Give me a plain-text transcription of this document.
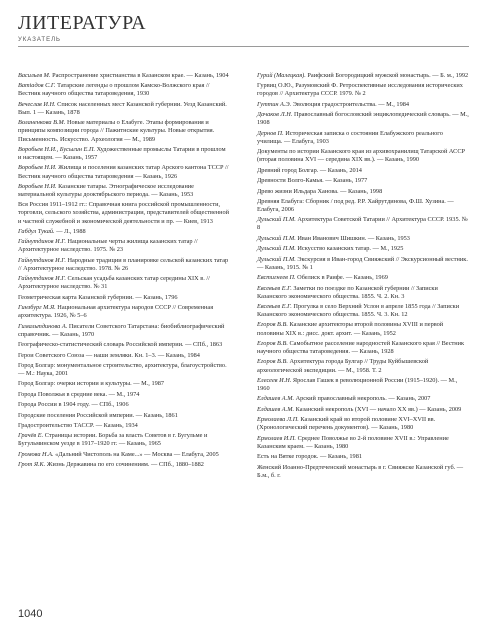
ЛИТЕРАТУРА
УКАЗАТЕЛЬ

Васильев М. Распространение христианства в Казанском крае. — Казань, 1904

Ватіадов С.Г. Татарские легенды о прошлом Камско-Волжского края // Вестник научного общества татароведения, 1930

Вечеслав И.Н. Список населенных мест Казанской губернии. Уезд Казанский. Вып. 1 — Казань, 1878

Воланенкова В.М. Новые материалы о Елабуге. Этапы формирования и принципы композиции города // Пажитнские культуры. Новые открытия. Письменность. Искусство. Археология — М., 1989

Воробьев Н.И., Бусыгин Е.П. Художественные промыслы Татарии в прошлом и настоящем. — Казань, 1957

Воробьев Н.И. Жилища и поселения казанских татар Арского кантона ТССР // Вестник научного общества татароведения — Казань, 1926

Воробьев Н.И. Казанские татары. Этнографическое исследование материальной культуры дооктябрьского периода. — Казань, 1953

Вся Россия 1911–1912 гг.: Справочная книга российской промышленности, торговли, сельского хозяйства, администрации, представителей общественной и частной служебной и экономической деятельности и пр. — Киев, 1913

Габдул Тукай. — Л., 1988

Гайнутдинов И.Г. Национальные черты жилища казанских татар // Архитектурное наследство. 1975. № 23

Гайнутдинов И.Г. Народные традиции в планировке сельской казанских татар // Архитектурное наследство. 1978. № 26

Гайнутдинов И.Г. Сельская усадьба казанских татар середины XIX в. // Архитектурное наследство. № 31

Геометрическая карта Казанской губернии. — Казань, 1796

Гинзбург М.Я. Национальная архитектура народов СССР // Современная архитектура. 1926, № 5–6

Гимальтдинова А. Писатели Советского Татарстана: биобиблиографический справочник. — Казань, 1970

Географическо-статистический словарь Российской империи. — СПб., 1863

Герои Советского Союза — наши земляки. Кн. 1–3. — Казань, 1984

Город Болгар: монументальное строительство, архитектура, благоустройство. — М.: Наука, 2001

Город Болгар: очерки истории и культуры. — М., 1987

Города Поволжья в средние века. — М., 1974

Города России в 1904 году. — СПб., 1906

Городские поселения Российской империи. — Казань, 1861

Градостроительство ТАССР. — Казань, 1934

Грачёв Е. Страницы истории. Борьба за власть Советов в г. Бугульме и Бугульминском уезде в 1917–1920 гг. — Казань, 1965

Громова Н.А. «Дальний Чистополь на Каме...» — Москва — Елабуга, 2005

Грот Я.К. Жизнь Державина по его сочинениям. — СПб., 1880–1882

Гурий (Малецкая). Раифский Богородицкий мужской монастырь. — Б. м., 1992

Гурвиц О.Ю., Разумовский Ф. Ретроспективные исследования исторических городов // Архитектура СССР. 1979. № 2

Гуттин А.Э. Эволюция градостроительства. — М., 1984

Дачаков Л.Н. Православный богословский энциклопедический словарь. — М., 1908

Дернов П. Историческая записка о состоянии Елабужского реального училища. — Елабуга, 1903

Документы по истории Казанского края из архивохранилищ Татарской АССР (вторая половина XVI — середина XIX вв.). — Казань, 1990

Древний город Болгар. — Казань, 2014

Древности Волго-Камья. — Казань, 1977

Древо жизни Ильдара Ханова. — Казань, 1998

Древняя Елабуга: Сборник / под ред. Р.Р. Хайрутдинова, Ф.Ш. Хузина. — Елабуга, 2006

Дульский П.М. Архитектура Советской Татарии // Архитектура СССР. 1935. № 8

Дульский П.М. Иван Иванович Шишкин. — Казань, 1953

Дульский П.М. Искусство казанских татар. — М., 1925

Дульский П.М. Экскурсия в Иван-город Свияжский // Экскурсионный вестник. — Казань, 1915. № 1

Евстигнеев П. Обелиск в Раифе. — Казань, 1969

Евсевьев Е.Г. Заметки по поездке по Казанской губернии // Записки Казанского экономического общества. 1855. Ч. 2. Кн. 3

Евсевьев Е.Г. Прогулка в село Верхний Услон в апреле 1855 года // Записки Казанского экономического общества. 1855. Ч. 3. Кн. 12

Егоров В.В. Казанские архитекторы второй половины XVIII и первой половины XIX в.: дисс. докт. архит. — Казань, 1952

Егоров В.В. Самобытное расселение народностей Казанского края // Вестник научного общества татароведения. — Казань, 1928

Егоров В.В. Архитектура города Булгар // Труды Куйбышевской археологической экспедиции. — М., 1958. Т. 2

Елесеев И.Н. Ярослав Гашек в революционной России (1915–1920). — М., 1960

Елдашев А.М. Арский православный некрополь. — Казань, 2007

Елдашев А.М. Казанский некрополь (XVI — начало XX вв.) — Казань, 2009

Ермолаева Л.П. Казанский край во второй половине XVI–XVII вв. (Хронологический перечень документов). — Казань, 1980

Ермолаев И.П. Среднее Поволжье во 2-й половине XVII в.: Управление Казанским краем. — Казань, 1980

Есть на Вятке городок. — Казань, 1981

Женский Иоанно-Предтеченский монастырь в г. Свияжске Казанской губ. — Б.м., б. г.

1040
